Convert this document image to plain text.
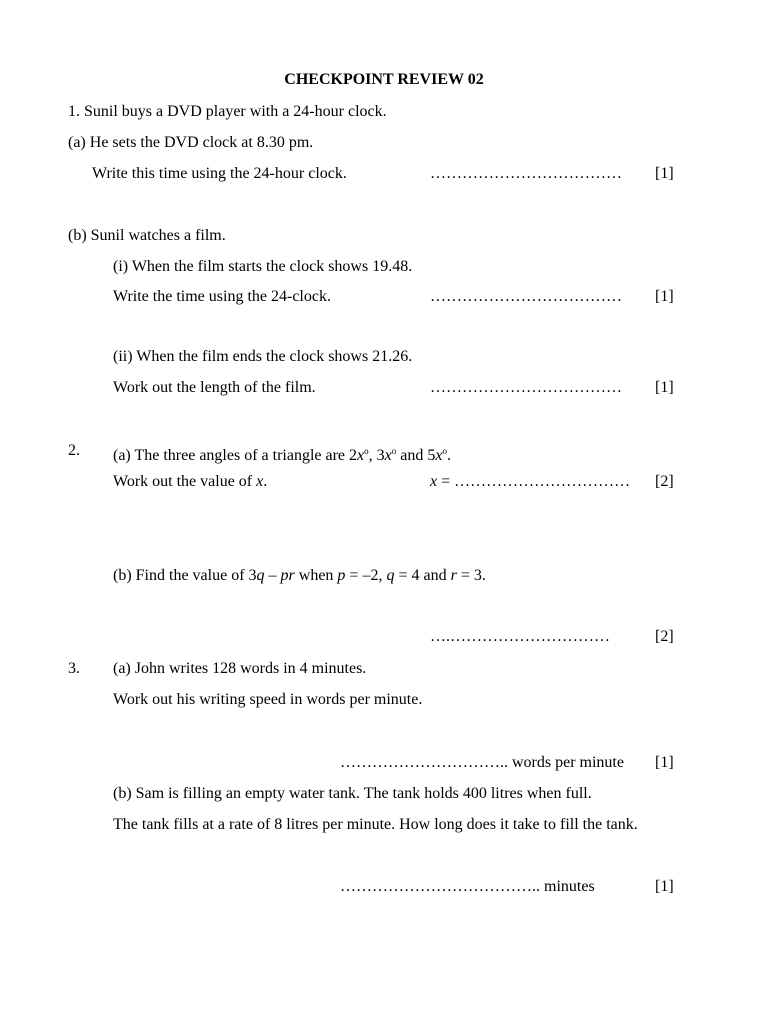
CHECKPOINT REVIEW 02
1. Sunil buys a DVD player with a 24-hour clock.
(a) He sets the DVD clock at 8.30 pm.
Write this time using the 24-hour clock.	……………………………… [1]
(b) Sunil watches a film.
(i) When the film starts the clock shows 19.48.
Write the time using the 24-clock.	……………………………… [1]
(ii) When the film ends the clock shows 21.26.
Work out the length of the film.	……………………………… [1]
2. (a) The three angles of a triangle are $2x^o$, $3x^o$ and $5x^o$.
Work out the value of x.	x = …………………………… [2]
(b) Find the value of 3q – pr when p = –2, q = 4 and r = 3.
….…………………………	[2]
3. (a) John writes 128 words in 4 minutes.
Work out his writing speed in words per minute.
………………………….. words per minute [1]
(b) Sam is filling an empty water tank. The tank holds 400 litres when full.
The tank fills at a rate of 8 litres per minute. How long does it take to fill the tank.
……………………………….. minutes	[1]
